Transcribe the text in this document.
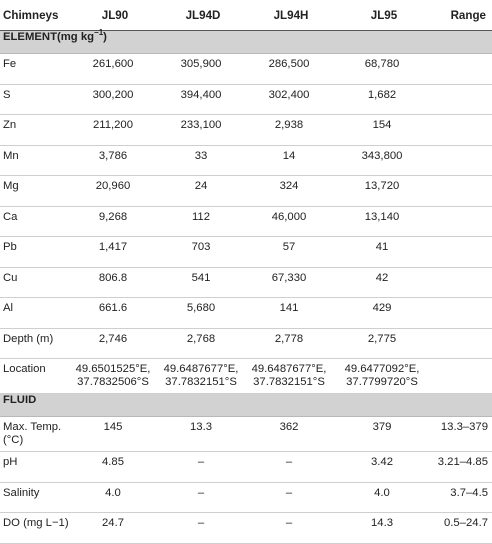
Chimneys	JL90	JL94D	JL94H	JL95	Range
ELEMENT(mg $kg^{-1}$)					
Fe	261,600	305,900	286,500	68,780	
S	300,200	394,400	302,400	1,682	
Zn	211,200	233,100	2,938	154	
Mn	3,786	33	14	343,800	
Mg	20,960	24	324	13,720	
Ca	9,268	112	46,000	13,140	
Pb	1,417	703	57	41	
Cu	806.8	541	67,330	42	
Al	661.6	5,680	141	429	
Depth (m)	2,746	2,768	2,778	2,775	
Location	49.6501525°E, 37.7832506°S	49.6487677°E, 37.7832151°S	49.6487677°E, 37.7832151°S	49.6477092°E, 37.7799720°S	
FLUID					
Max. Temp. (°C)	145	13.3	362	379	13.3–379
pH	4.85	–	–	3.42	3.21–4.85
Salinity	4.0	–	–	4.0	3.7–4.5
DO (mg L−1)	24.7	–	–	14.3	0.5–24.7
